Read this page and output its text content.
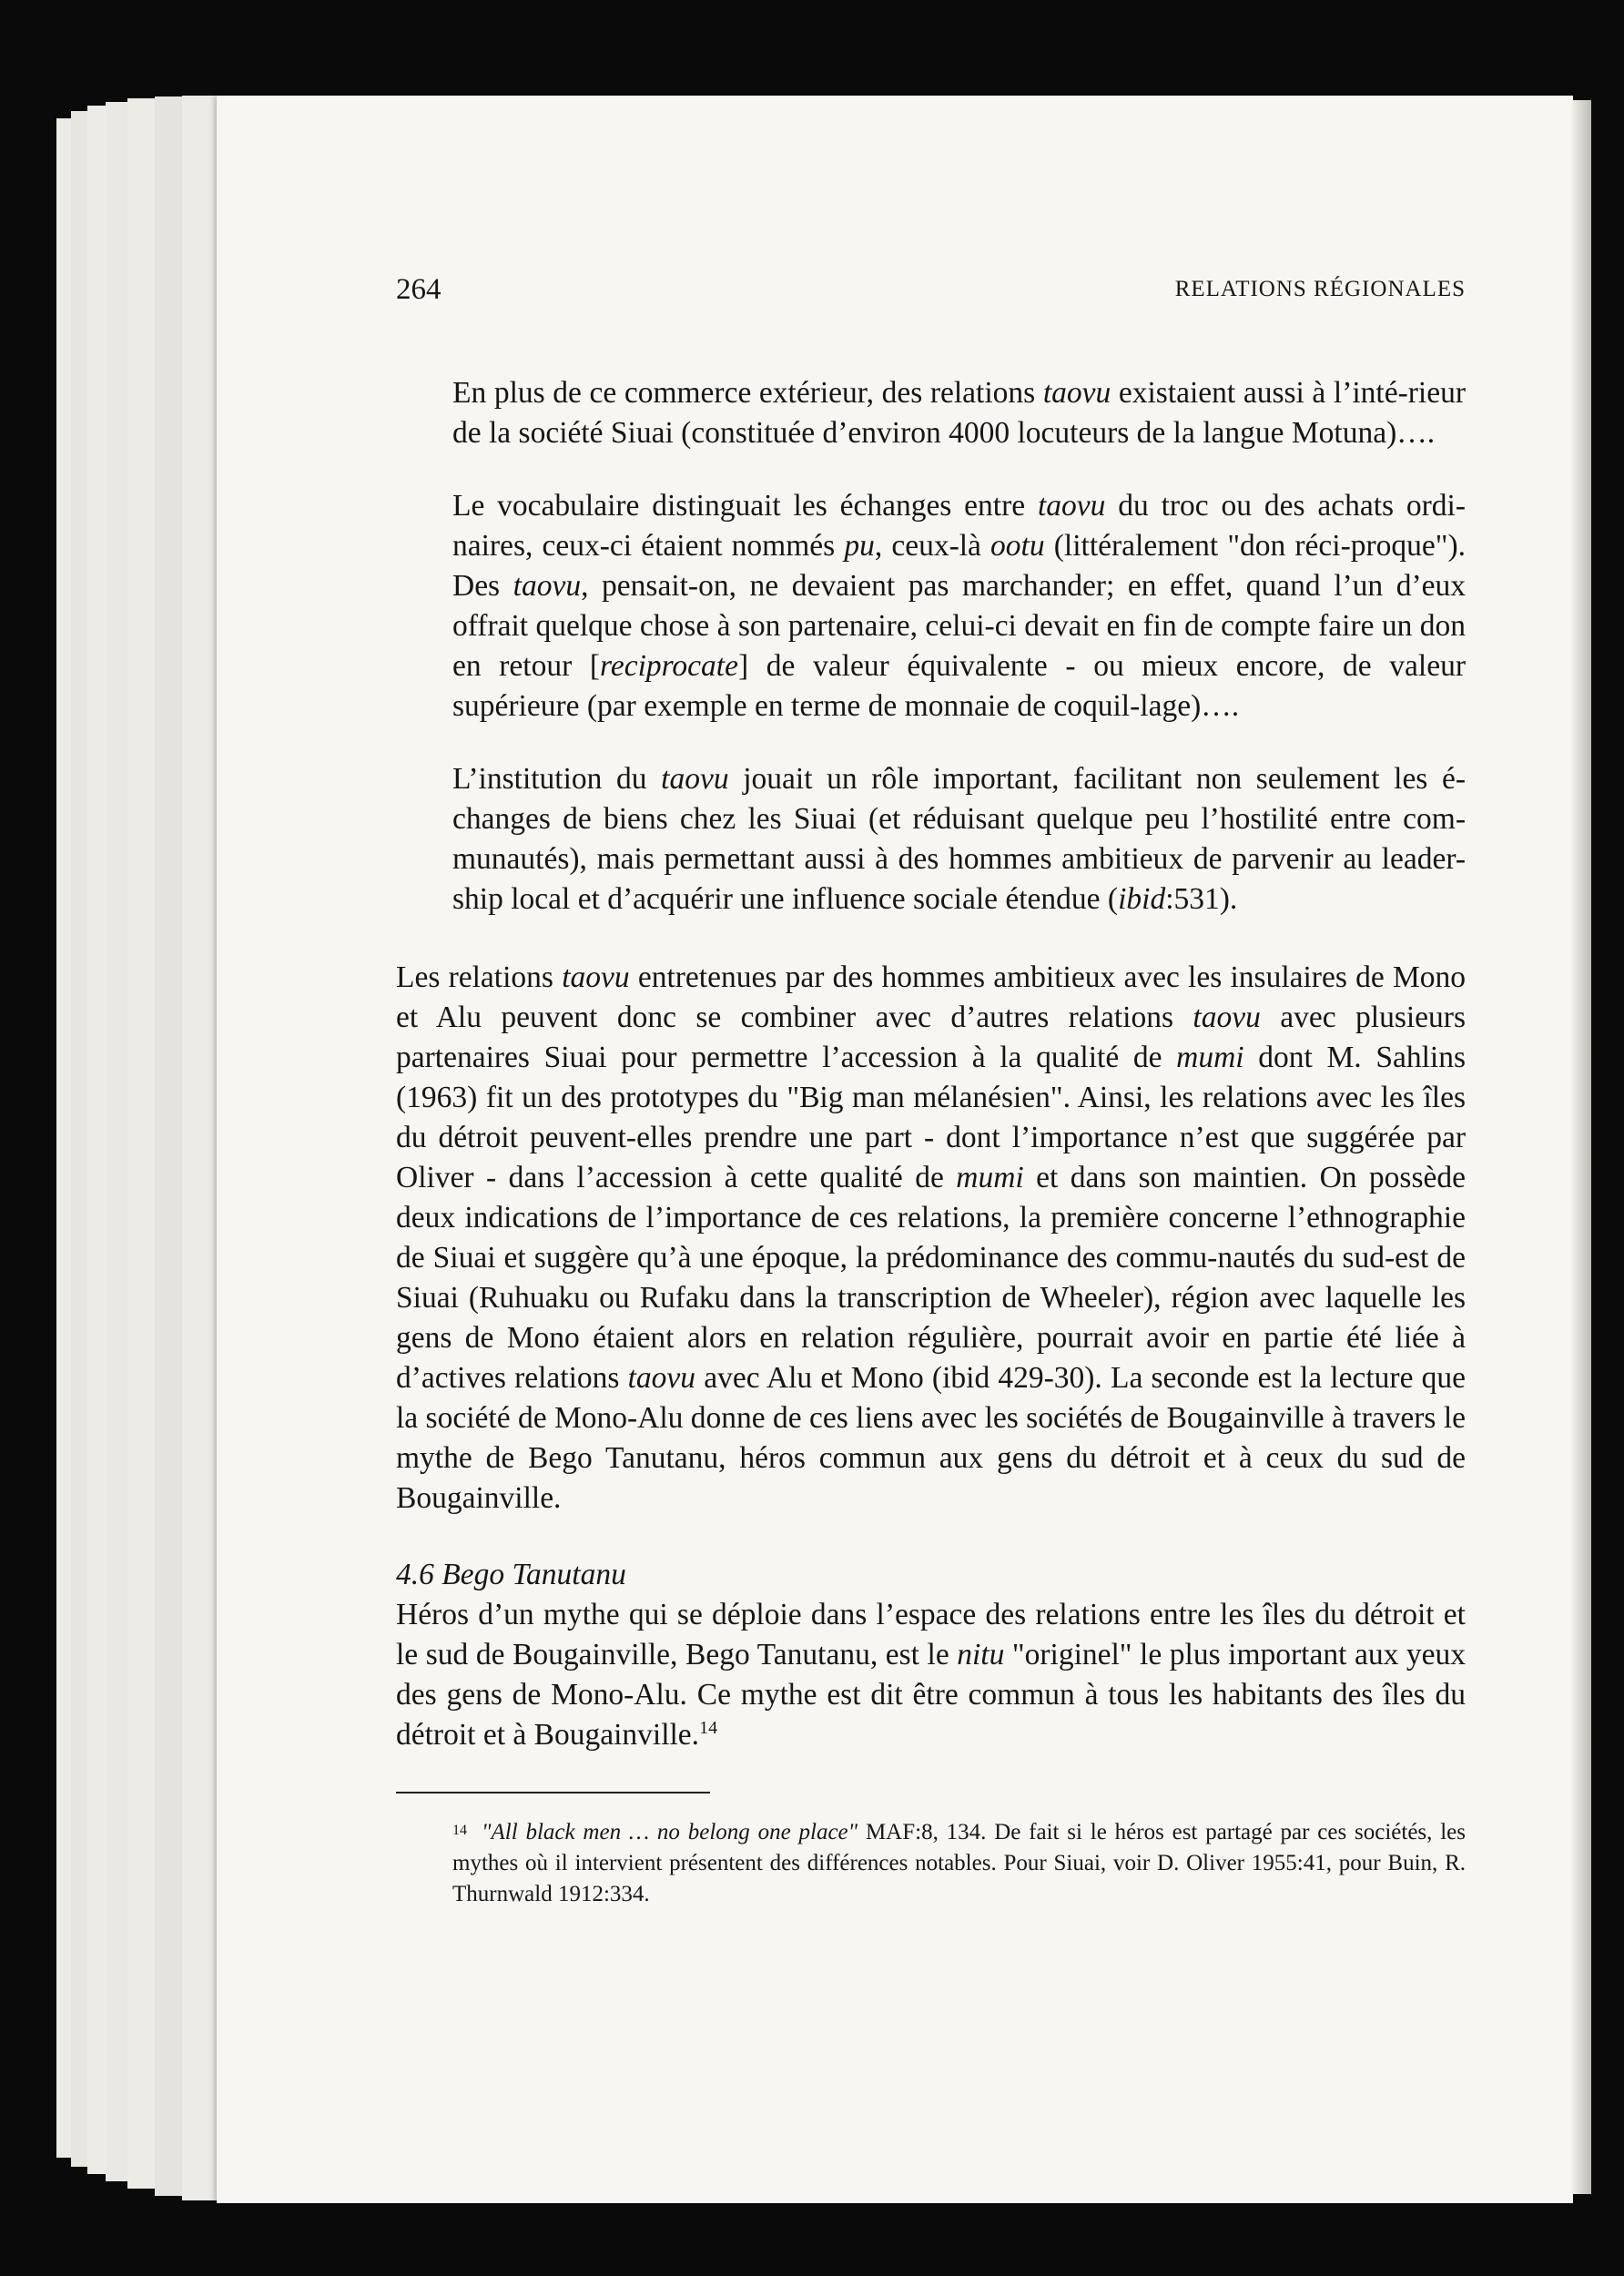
264	RELATIONS RÉGIONALES

En plus de ce commerce extérieur, des relations taovu existaient aussi à l’inté-rieur de la société Siuai (constituée d’environ 4000 locuteurs de la langue Motuna)….

Le vocabulaire distinguait les échanges entre taovu du troc ou des achats ordi-naires, ceux-ci étaient nommés pu, ceux-là ootu (littéralement "don réci-proque"). Des taovu, pensait-on, ne devaient pas marchander; en effet, quand l’un d’eux offrait quelque chose à son partenaire, celui-ci devait en fin de compte faire un don en retour [reciprocate] de valeur équivalente - ou mieux encore, de valeur supérieure (par exemple en terme de monnaie de coquil-lage)….

L’institution du taovu jouait un rôle important, facilitant non seulement les é-changes de biens chez les Siuai (et réduisant quelque peu l’hostilité entre com-munautés), mais permettant aussi à des hommes ambitieux de parvenir au leader-ship local et d’acquérir une influence sociale étendue (ibid:531).

Les relations taovu entretenues par des hommes ambitieux avec les insulaires de Mono et Alu peuvent donc se combiner avec d’autres relations taovu avec plusieurs partenaires Siuai pour permettre l’accession à la qualité de mumi dont M. Sahlins (1963) fit un des prototypes du "Big man mélanésien". Ainsi, les relations avec les îles du détroit peuvent-elles prendre une part - dont l’importance n’est que suggérée par Oliver - dans l’accession à cette qualité de mumi et dans son maintien. On possède deux indications de l’importance de ces relations, la première concerne l’ethnographie de Siuai et suggère qu’à une époque, la prédominance des commu-nautés du sud-est de Siuai (Ruhuaku ou Rufaku dans la transcription de Wheeler), région avec laquelle les gens de Mono étaient alors en relation régulière, pourrait avoir en partie été liée à d’actives relations taovu avec Alu et Mono (ibid 429-30). La seconde est la lecture que la société de Mono-Alu donne de ces liens avec les sociétés de Bougainville à travers le mythe de Bego Tanutanu, héros commun aux gens du détroit et à ceux du sud de Bougainville.

4.6 Bego Tanutanu

Héros d’un mythe qui se déploie dans l’espace des relations entre les îles du détroit et le sud de Bougainville, Bego Tanutanu, est le nitu "originel" le plus important aux yeux des gens de Mono-Alu. Ce mythe est dit être commun à tous les habitants des îles du détroit et à Bougainville.$^{14}$

$^{14}$ "All black men … no belong one place" MAF:8, 134. De fait si le héros est partagé par ces sociétés, les mythes où il intervient présentent des différences notables. Pour Siuai, voir D. Oliver 1955:41, pour Buin, R. Thurnwald 1912:334.
